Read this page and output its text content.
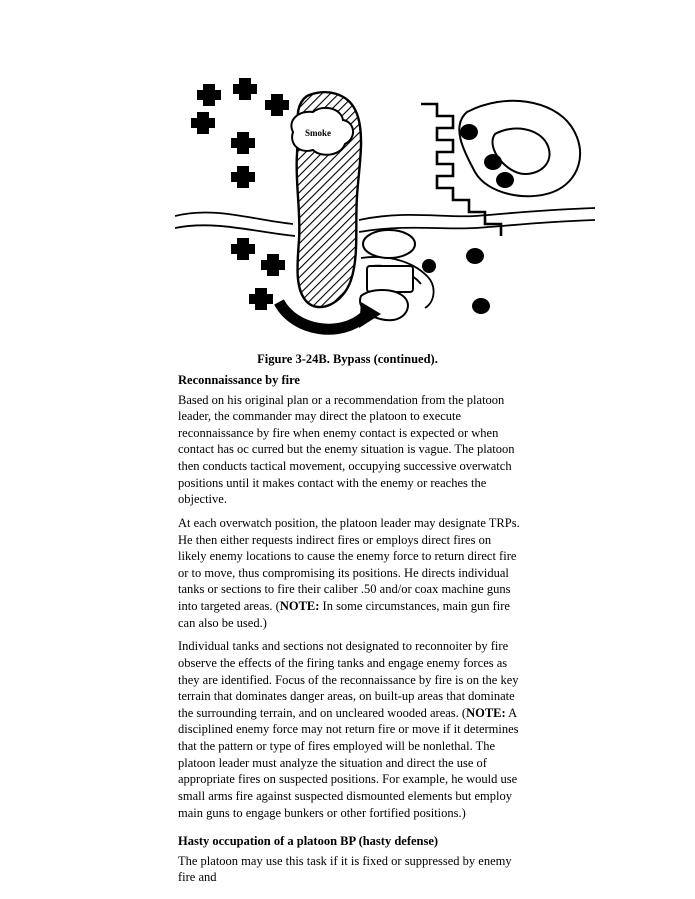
Smoke
Figure 3-24B. Bypass (continued).
Reconnaissance by fire

Based on his original plan or a recommendation from the platoon leader, the commander may direct the platoon to execute reconnaissance by fire when enemy contact is expected or when contact has oc curred but the enemy situation is vague. The platoon then conducts tactical movement, occupying successive overwatch positions until it makes contact with the enemy or reaches the objective.

At each overwatch position, the platoon leader may designate TRPs. He then either requests indirect fires or employs direct fires on likely enemy locations to cause the enemy force to return direct fire or to move, thus compromising its positions. He directs individual tanks or sections to fire their caliber .50 and/or coax machine guns into targeted areas. (NOTE: In some circumstances, main gun fire can also be used.)

Individual tanks and sections not designated to reconnoiter by fire observe the effects of the firing tanks and engage enemy forces as they are identified. Focus of the reconnaissance by fire is on the key terrain that dominates danger areas, on built-up areas that dominate the surrounding terrain, and on uncleared wooded areas. (NOTE: A disciplined enemy force may not return fire or move if it determines that the pattern or type of fires employed will be nonlethal. The platoon leader must analyze the situation and direct the use of appropriate fires on suspected positions. For example, he would use small arms fire against suspected dismounted elements but employ main guns to engage bunkers or other fortified positions.)

Hasty occupation of a platoon BP (hasty defense)

The platoon may use this task if it is fixed or suppressed by enemy fire and
